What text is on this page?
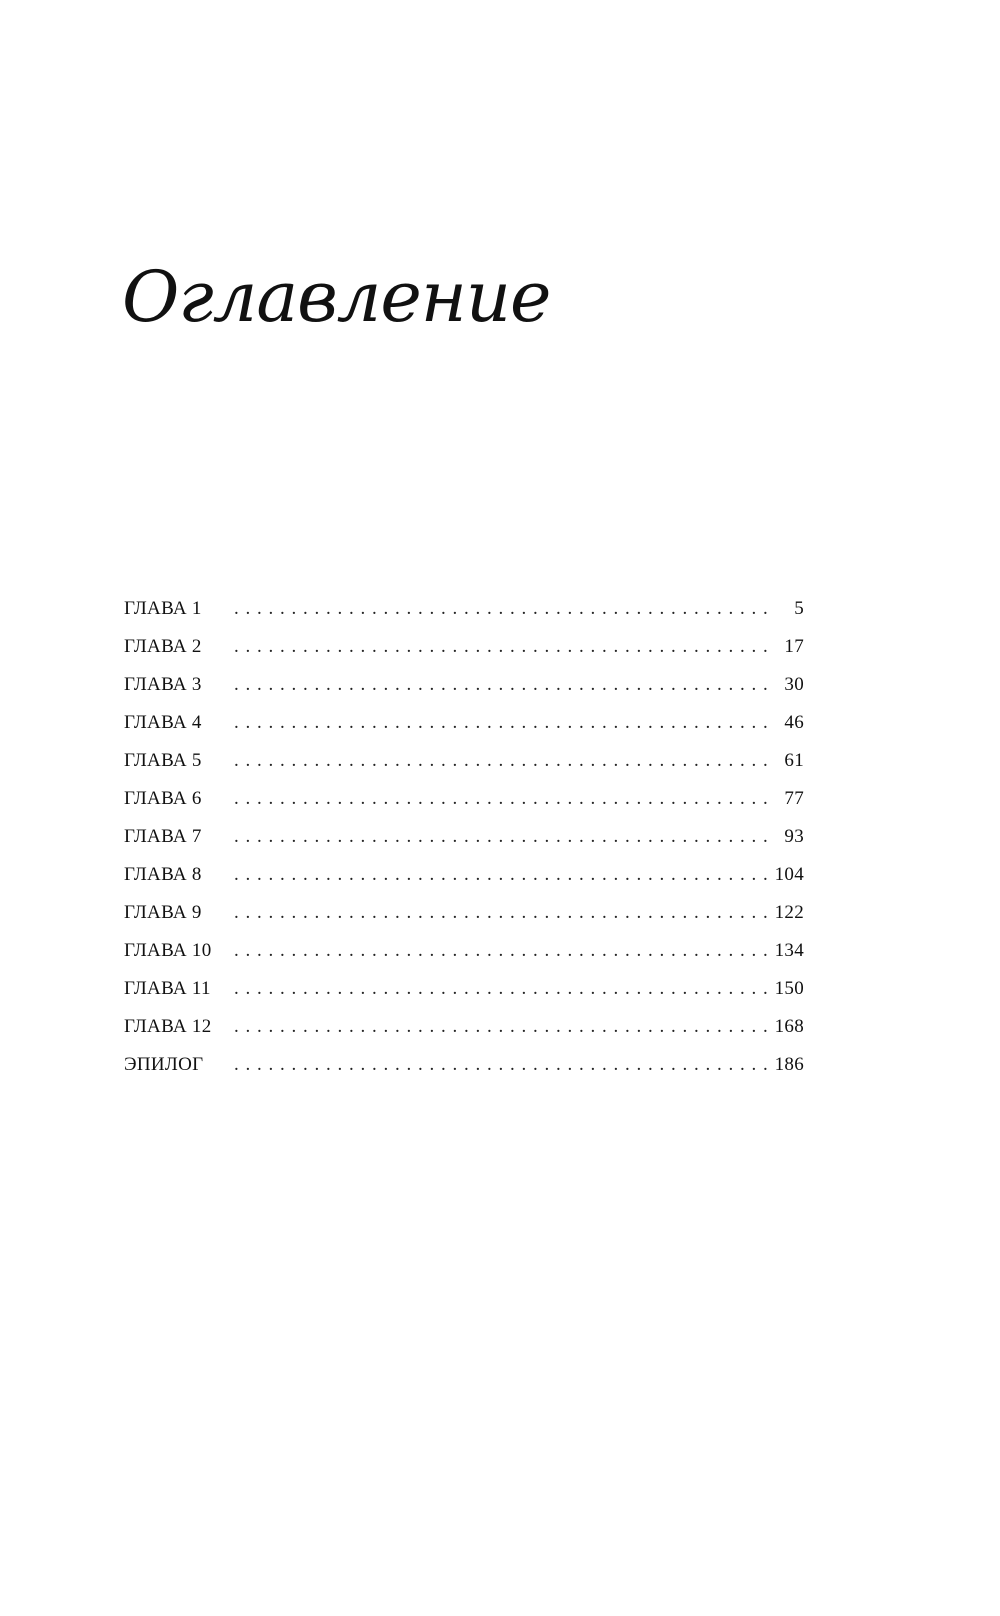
Оглавление
ГЛАВА 1 . . .	5
ГЛАВА 2 . . .	17
ГЛАВА 3 . . .	30
ГЛАВА 4 . . .	46
ГЛАВА 5 . . .	61
ГЛАВА 6 . . .	77
ГЛАВА 7 . . .	93
ГЛАВА 8 . . .	104
ГЛАВА 9 . . .	122
ГЛАВА 10 . . .	134
ГЛАВА 11 . . .	150
ГЛАВА 12 . . .	168
ЭПИЛОГ . . .	186
